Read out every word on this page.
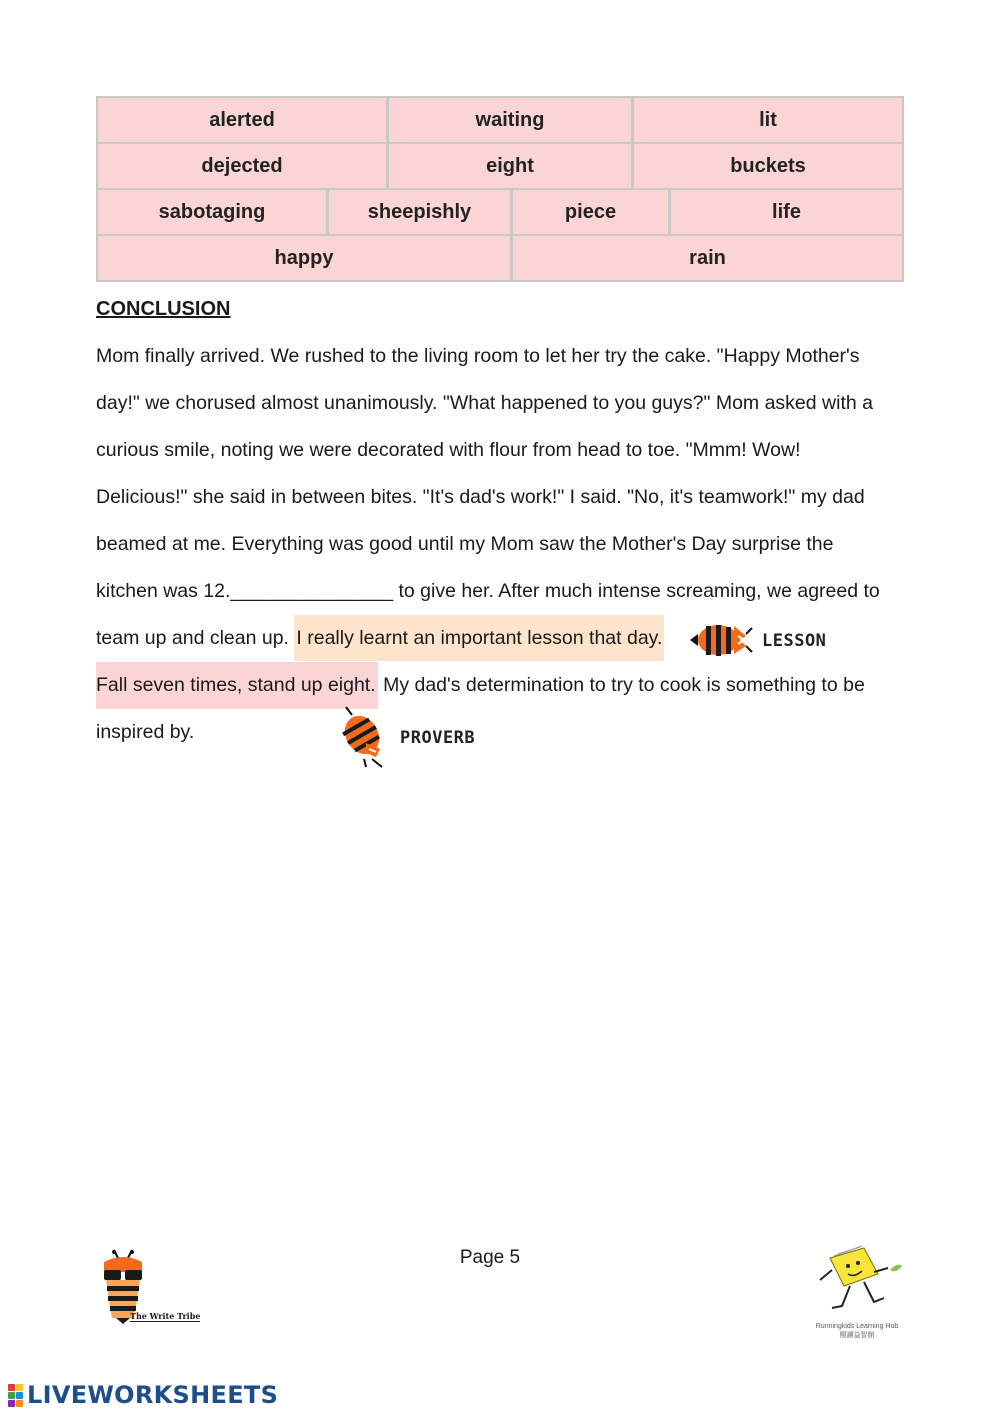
alerted	waiting	lit
dejected	eight	buckets
sabotaging	sheepishly	piece	life
happy	rain
CONCLUSION
Mom finally arrived. We rushed to the living room to let her try the cake. "Happy Mother's
day!" we chorused almost unanimously. "What happened to you guys?" Mom asked with a
curious smile, noting we were decorated with flour from head to toe. "Mmm! Wow!
Delicious!" she said in between bites. "It's dad's work!" I said. "No, it's teamwork!" my dad
beamed at me. Everything was good until my Mom saw the Mother's Day surprise the
kitchen was 12._______________ to give her. After much intense screaming, we agreed to
team up and clean up. I really learnt an important lesson that day.
Fall seven times, stand up eight. My dad's determination to try to cook is something to be
inspired by.
LESSON
PROVERB
Page 5
The Write Tribe
Runningkids Learning Hub
閱讀益智館
LIVEWORKSHEETS
